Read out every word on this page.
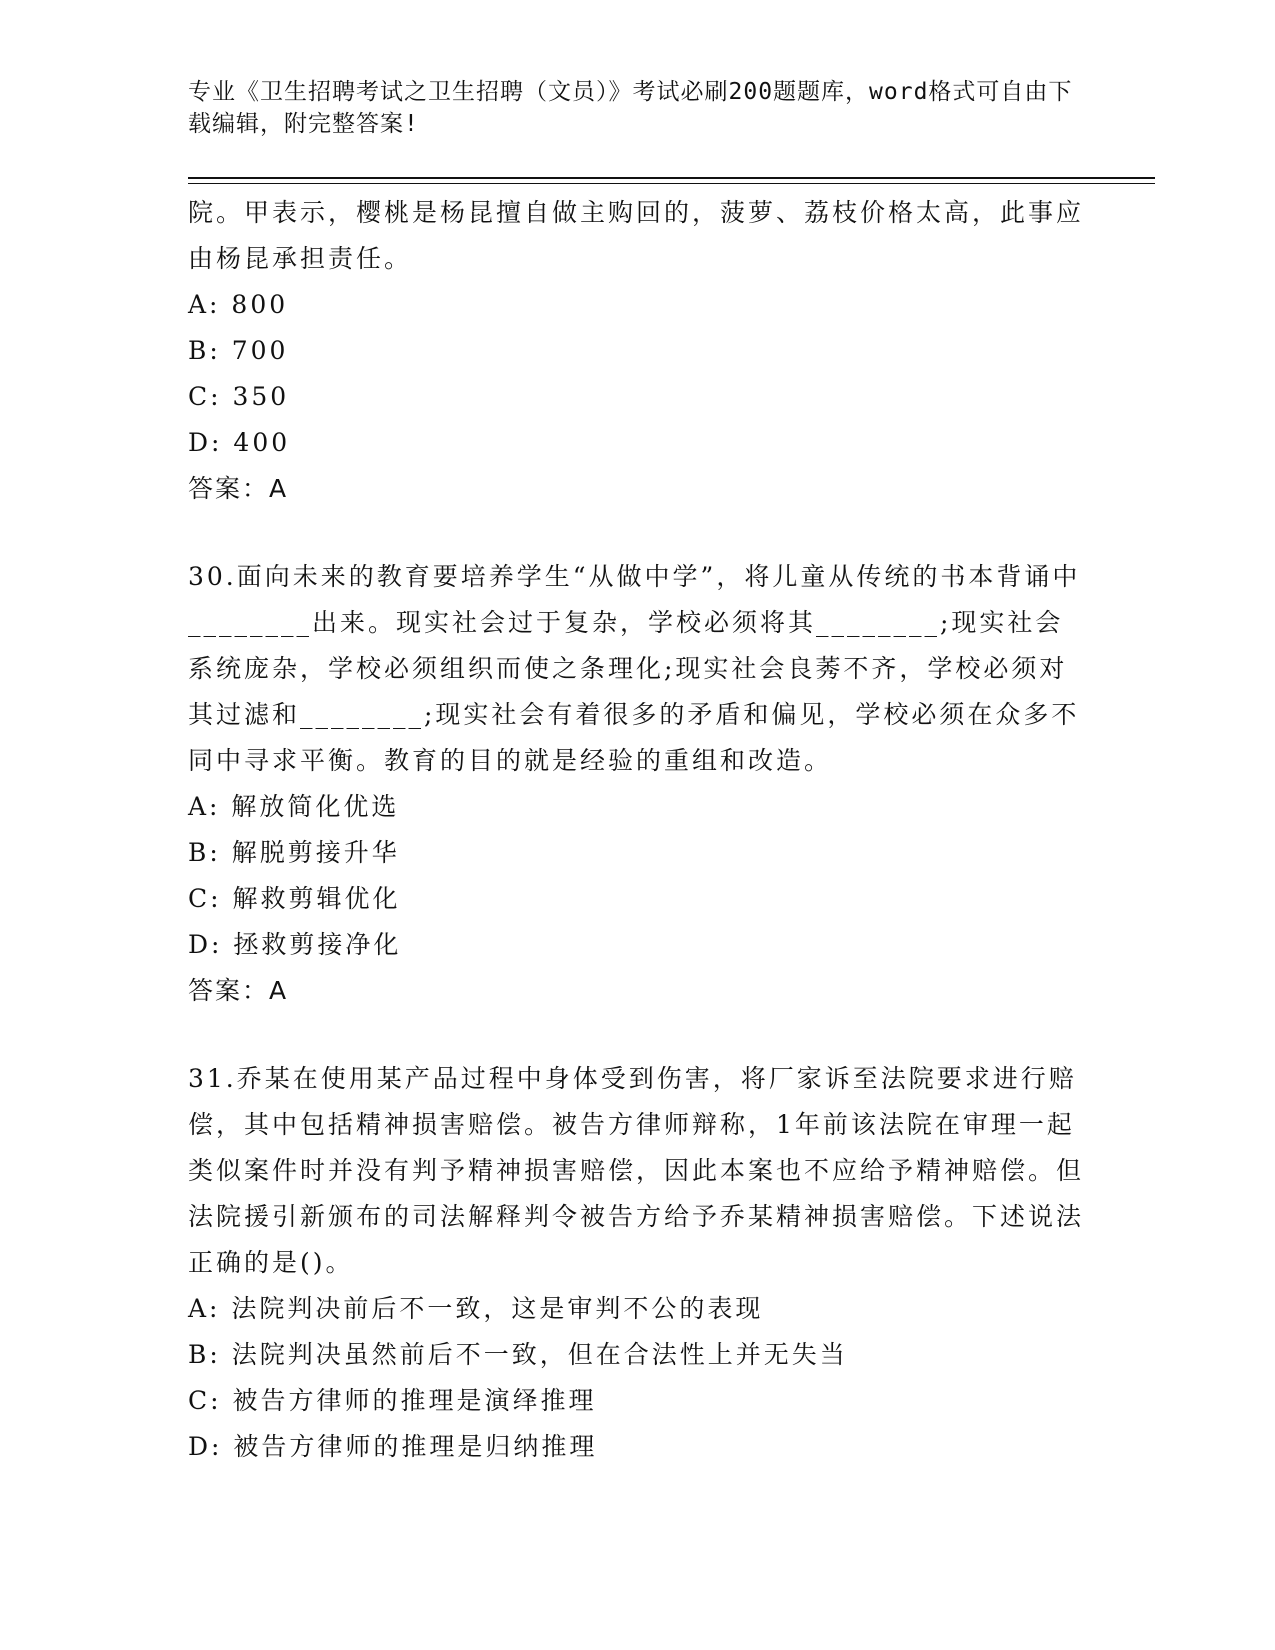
专业《卫生招聘考试之卫生招聘（文员）》考试必刷200题题库，word格式可自由下载编辑，附完整答案!

院。甲表示，樱桃是杨昆擅自做主购回的，菠萝、荔枝价格太高，此事应由杨昆承担责任。

A: 800

B: 700

C: 350

D: 400

答案：A

30.面向未来的教育要培养学生“从做中学”，将儿童从传统的书本背诵中________出来。现实社会过于复杂，学校必须将其________;现实社会系统庞杂，学校必须组织而使之条理化;现实社会良莠不齐，学校必须对其过滤和________;现实社会有着很多的矛盾和偏见，学校必须在众多不同中寻求平衡。教育的目的就是经验的重组和改造。

A: 解放简化优选

B: 解脱剪接升华

C: 解救剪辑优化

D: 拯救剪接净化

答案：A

31.乔某在使用某产品过程中身体受到伤害，将厂家诉至法院要求进行赔偿，其中包括精神损害赔偿。被告方律师辩称，1年前该法院在审理一起类似案件时并没有判予精神损害赔偿，因此本案也不应给予精神赔偿。但法院援引新颁布的司法解释判令被告方给予乔某精神损害赔偿。下述说法正确的是()。

A: 法院判决前后不一致，这是审判不公的表现

B: 法院判决虽然前后不一致，但在合法性上并无失当

C: 被告方律师的推理是演绎推理

D: 被告方律师的推理是归纳推理
